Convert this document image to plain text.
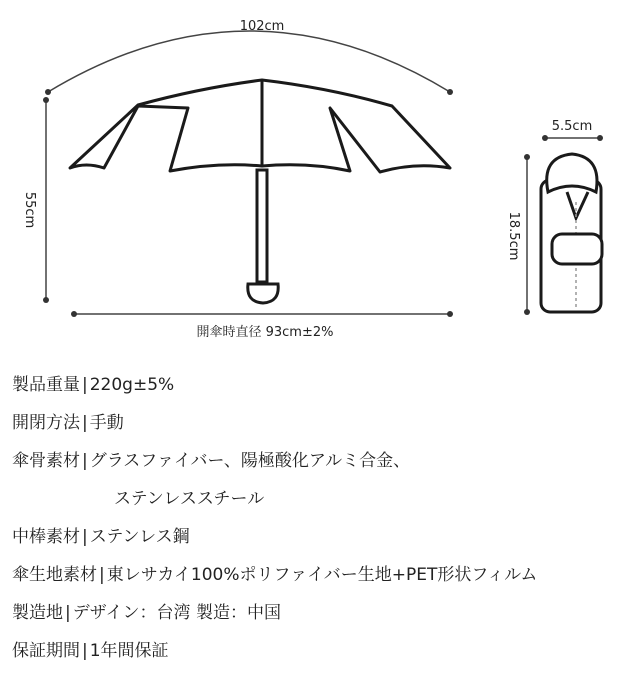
102cm
55cm
開傘時直径 93cm±2%
5.5cm
18.5cm
製品重量 | 220g±5%
開閉方法 | 手動
傘骨素材 | グラスファイバー、陽極酸化アルミ合金、
ステンレススチール
中棒素材 | ステンレス鋼
傘生地素材 | 東レサカイ100%ポリファイバー生地+PET形状フィルム
製造地 | デザイン：台湾 製造：中国
保証期間 | 1年間保証
